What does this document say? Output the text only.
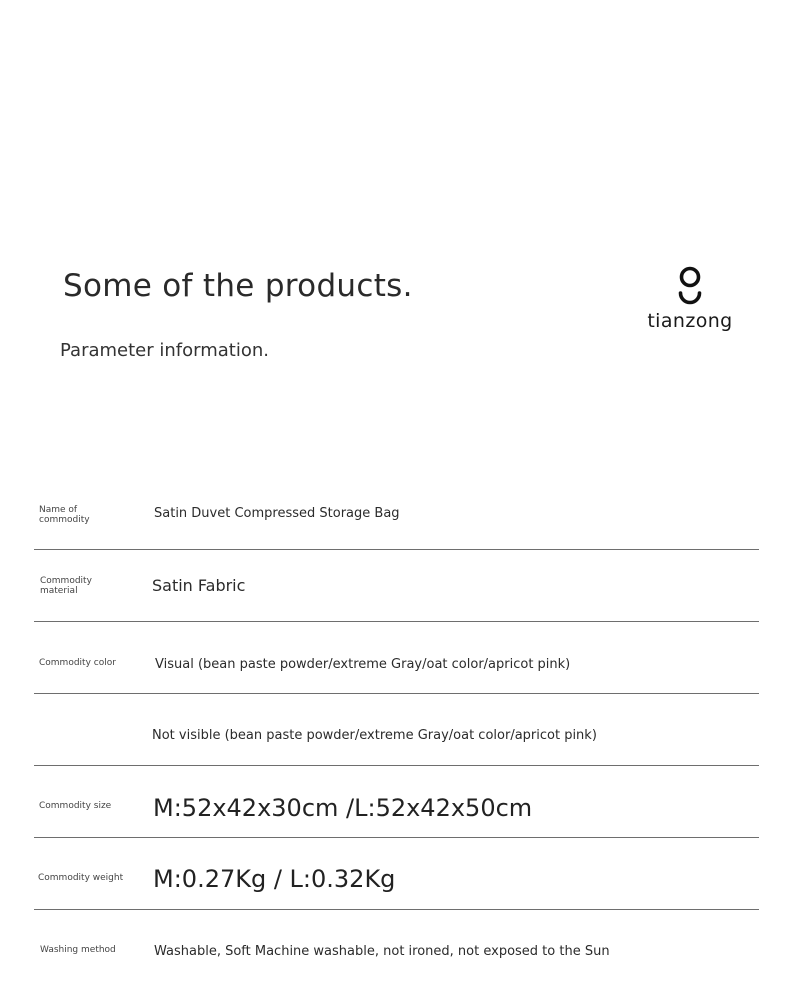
Some of the products.
Parameter information.
tianzong
Name of commodity	Satin Duvet Compressed Storage Bag
Commodity material	Satin Fabric
Commodity color	Visual (bean paste powder/extreme Gray/oat color/apricot pink)
Not visible (bean paste powder/extreme Gray/oat color/apricot pink)
Commodity size	M:52x42x30cm /L:52x42x50cm
Commodity weight M:0.27Kg / L:0.32Kg
Washing method	Washable, Soft Machine washable, not ironed, not exposed to the Sun
